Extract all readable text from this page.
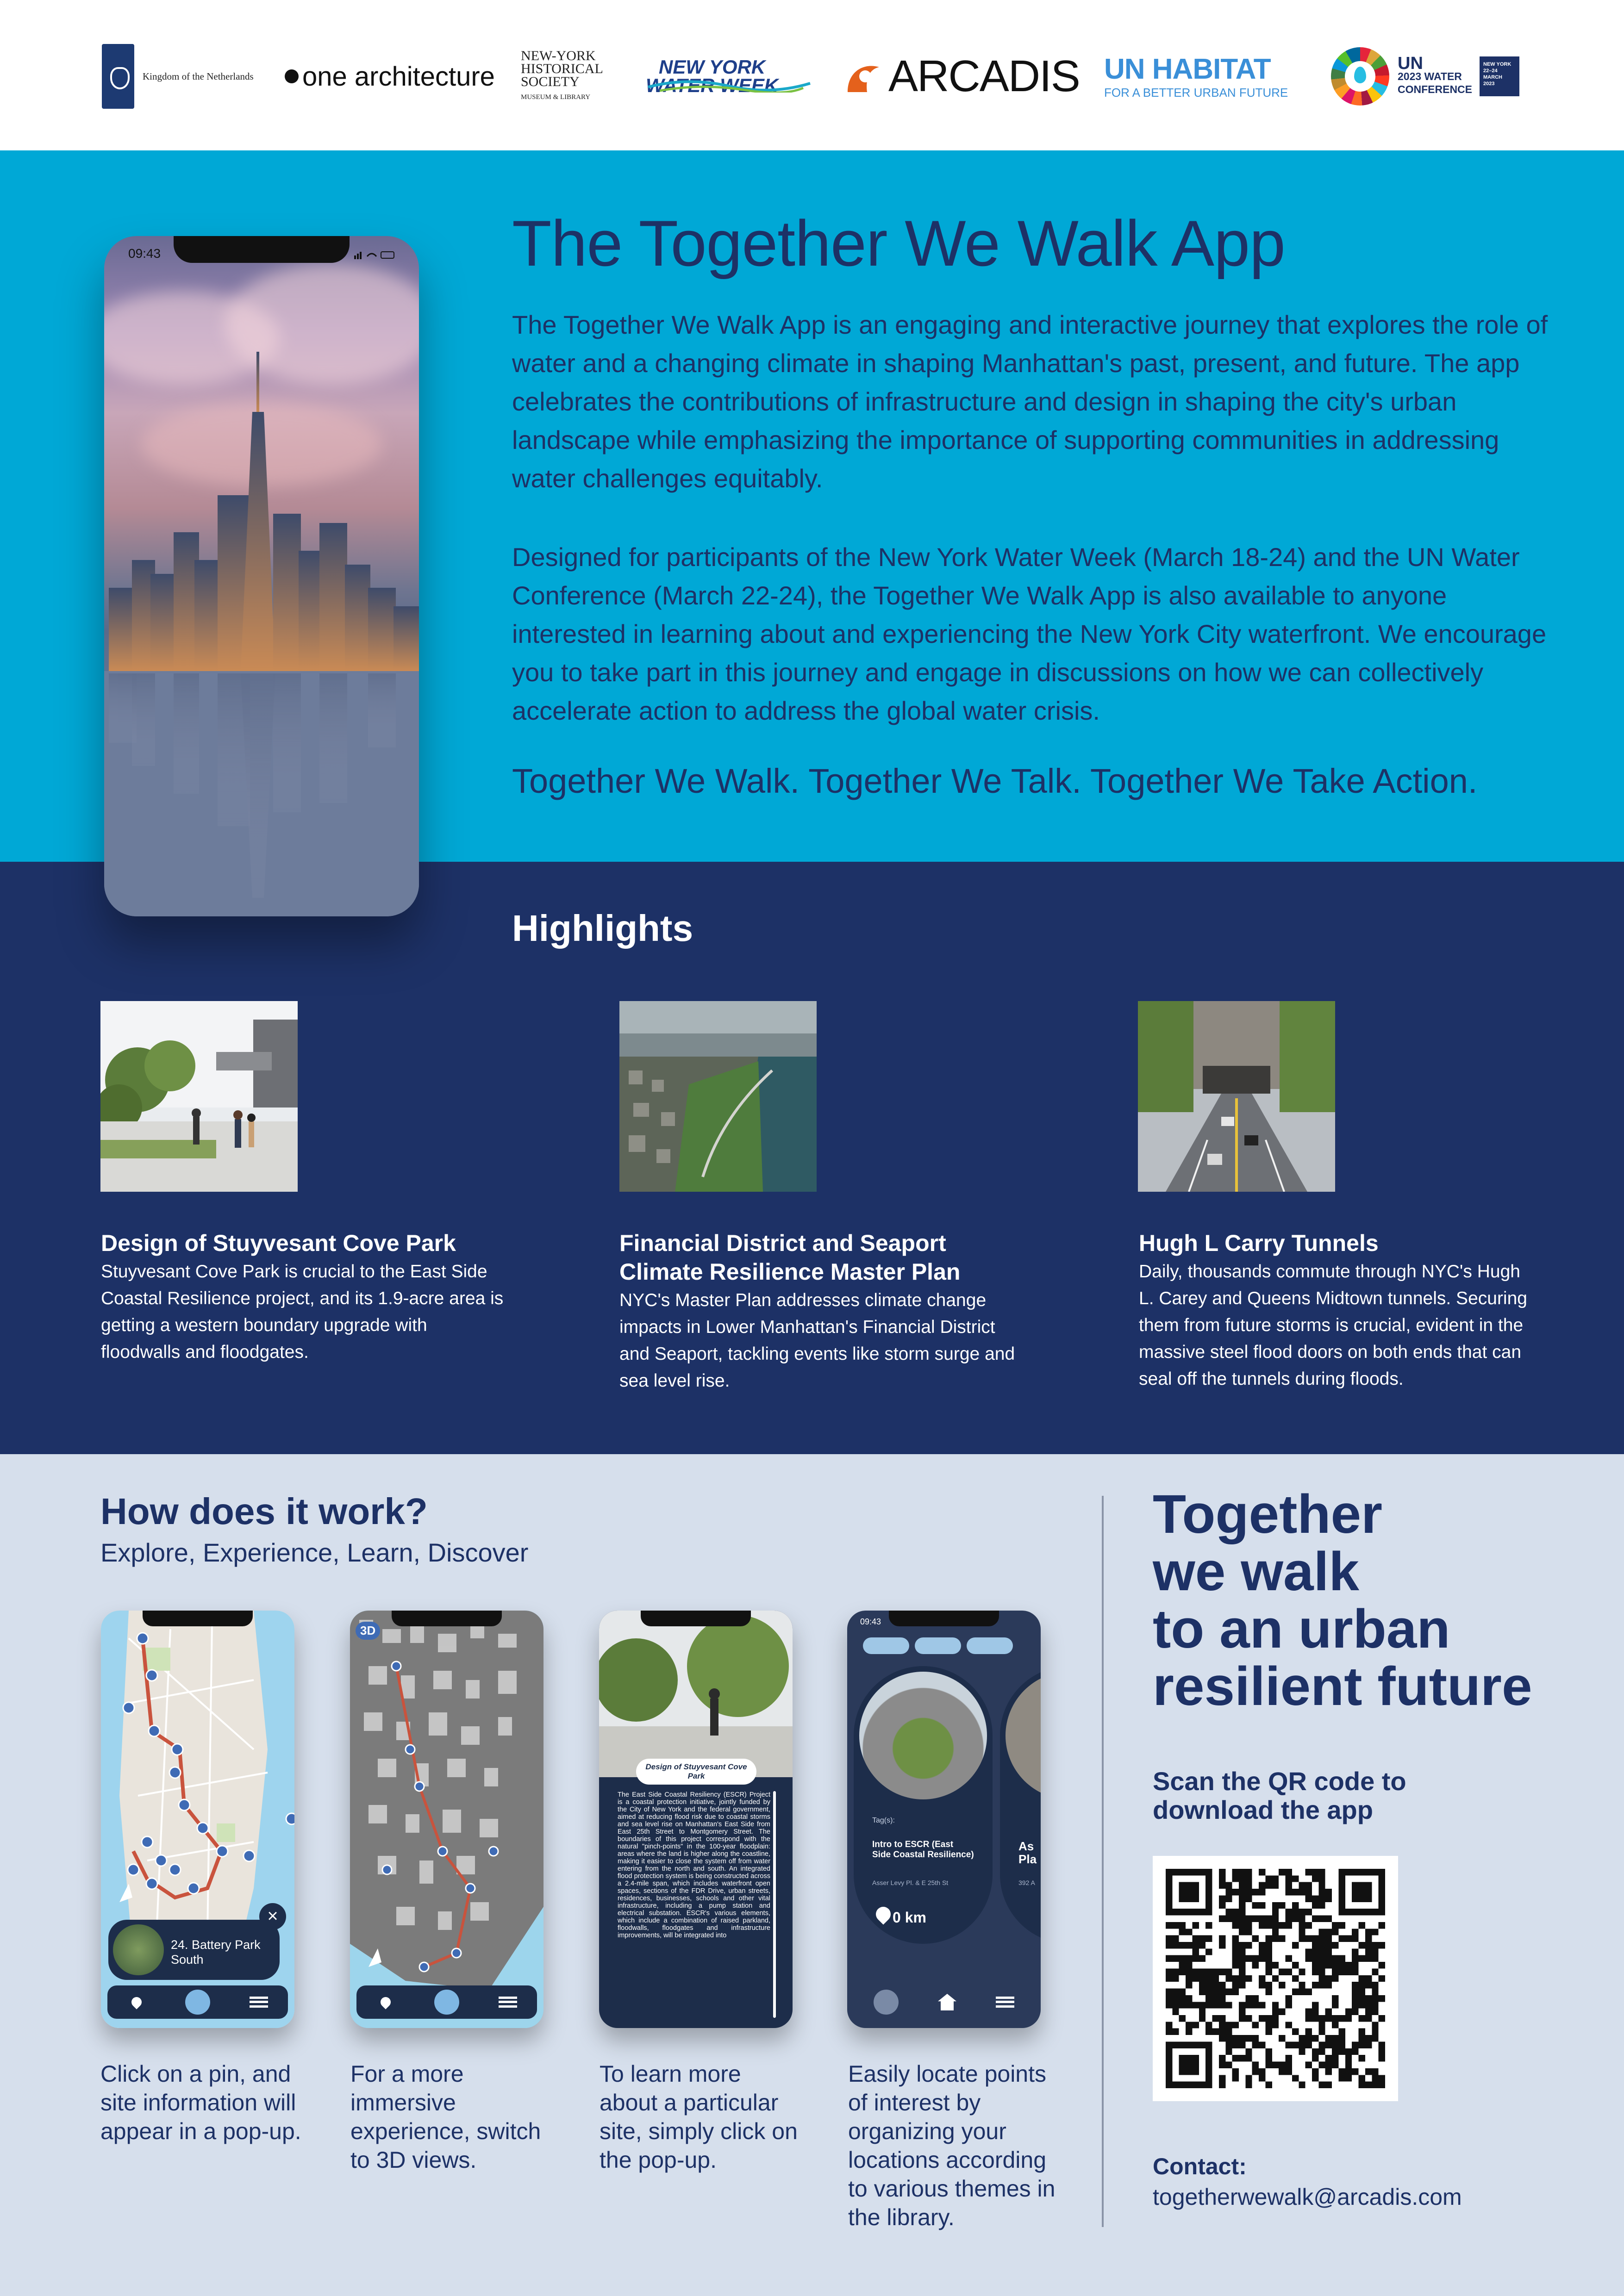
Kingdom of the Netherlands one architecture
NEW-YORK
HISTORICAL
SOCIETY
MUSEUM & LIBRARY
NEW YORK
WATER WEEK ARCADIS UN HABITAT
FOR A BETTER URBAN FUTURE
UN
2023 WATER
CONFERENCE
NEW YORK
22–24
MARCH
2023
09:43	The Together We Walk App

The Together We Walk App is an engaging and interactive journey that explores the role of water and a changing climate in shaping Manhattan's past, present, and future. The app celebrates the contributions of infrastructure and design in shaping the city's urban landscape while emphasizing the importance of supporting communities in addressing water challenges equitably.

Designed for participants of the New York Water Week (March 18-24) and the UN Water Conference (March 22-24), the Together We Walk App is also available to anyone interested in learning about and experiencing the New York City waterfront. We encourage you to take part in this journey and engage in discussions on how we can collectively accelerate action to address the global water crisis.

Together We Walk. Together We Talk. Together We Take Action.

Highlights
Design of Stuyvesant Cove Park

Stuyvesant Cove Park is crucial to the East Side Coastal Resilience project, and its 1.9-acre area is getting a western boundary upgrade with floodwalls and floodgates.

Financial District and Seaport
Climate Resilience Master Plan

NYC's Master Plan addresses climate change impacts in Lower Manhattan's Financial District and Seaport, tackling events like storm surge and sea level rise.

Hugh L Carry Tunnels

Daily, thousands commute through NYC's Hugh L. Carey and Queens Midtown tunnels. Securing them from future storms is crucial, evident in the massive steel flood doors on both ends that can seal off the tunnels during floods.

How does it work?
Explore, Experience, Learn, Discover
24. Battery Park South
×
3D
Design of Stuyvesant Cove Park
The East Side Coastal Resiliency (ESCR) Project is a coastal protection initiative, jointly funded by the City of New York and the federal government, aimed at reducing flood risk due to coastal storms and sea level rise on Manhattan's East Side from East 25th Street to Montgomery Street. The boundaries of this project correspond with the natural "pinch-points" in the 100-year floodplain: areas where the land is higher along the coastline, making it easier to close the system off from water entering from the north and south. An integrated flood protection system is being constructed across a 2.4-mile span, which includes waterfront open spaces, sections of the FDR Drive, urban streets, residences, businesses, schools and other vital infrastructure, including a pump station and electrical substation. ESCR's various elements, which include a combination of raised parkland, floodwalls, floodgates and infrastructure improvements, will be integrated into
09:43
Tag(s):
Intro to ESCR (East Side Coastal Resilience)
Asser Levy Pl. & E 25th St
0 km
As Pla
392 A

Click on a pin, and site information will appear in a pop-up.

For a more immersive experience, switch to 3D views.

To learn more about a particular site, simply click on the pop-up.

Easily locate points of interest by organizing your locations according to various themes in the library.

Together
we walk
to an urban
resilient future

Scan the QR code to download the app

Contact:
togetherwewalk@arcadis.com
